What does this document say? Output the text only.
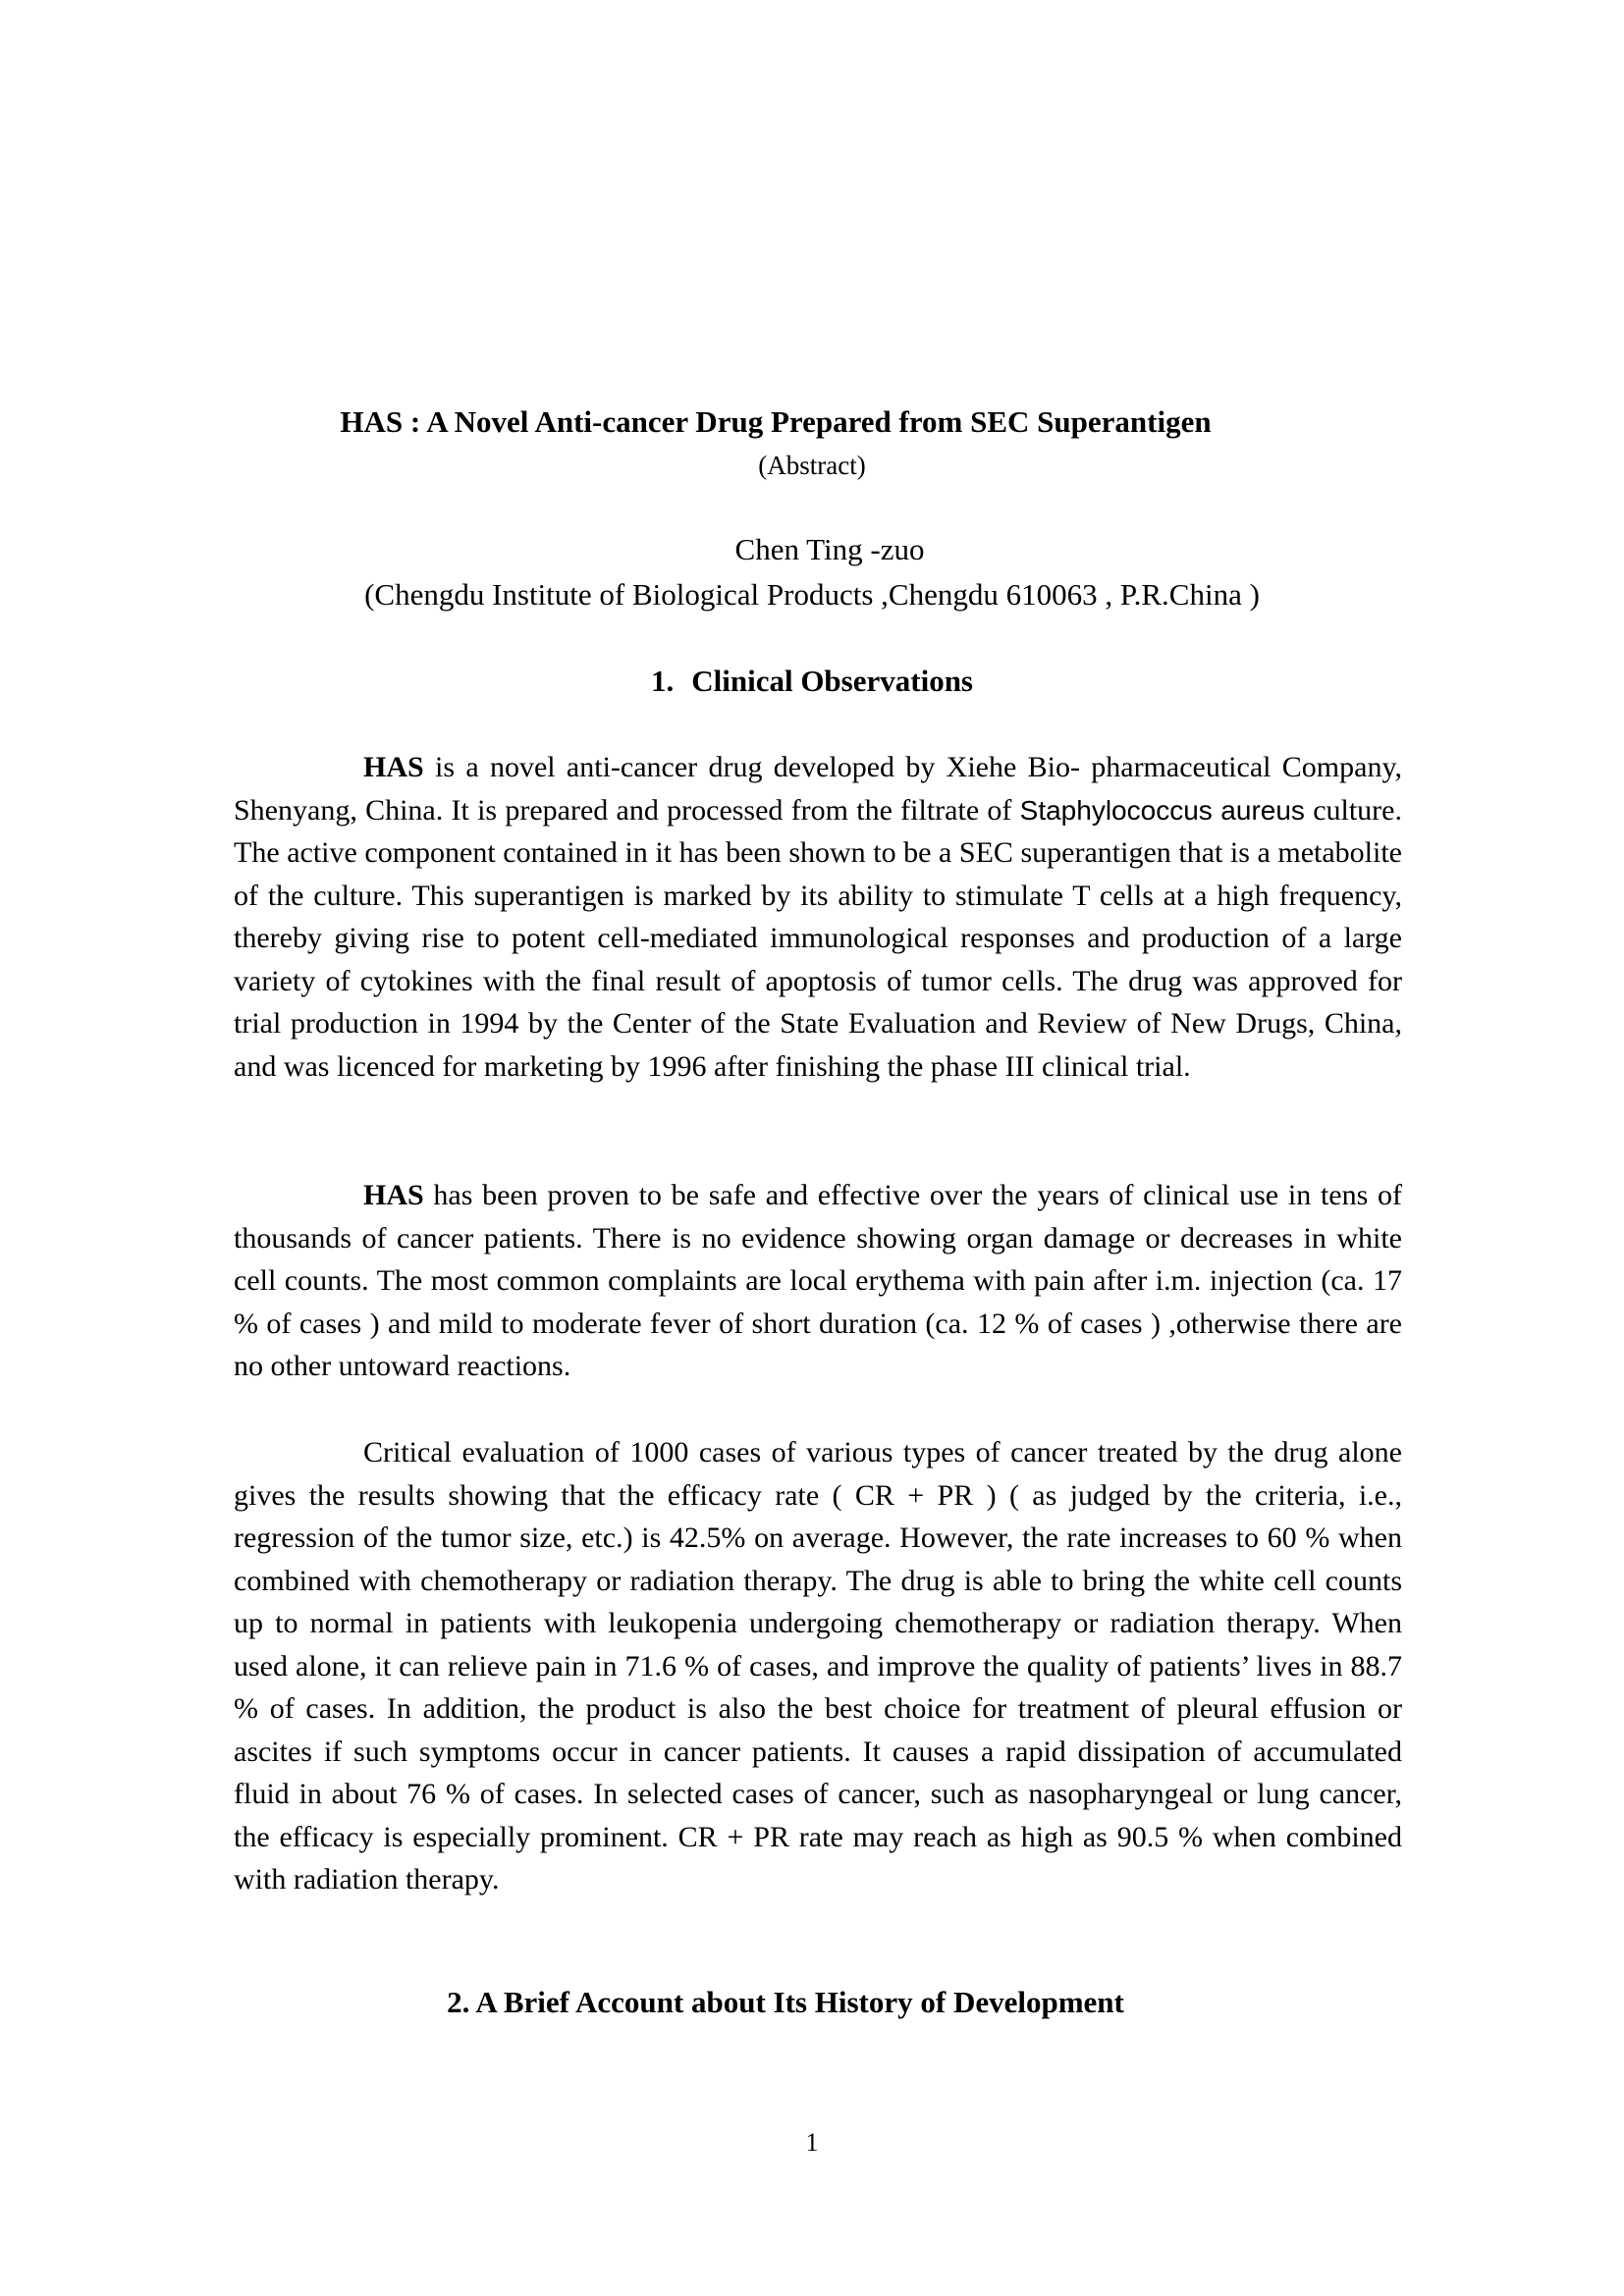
HAS : A Novel Anti-cancer Drug Prepared from SEC Superantigen
(Abstract)
Chen Ting -zuo
(Chengdu Institute of Biological Products ,Chengdu 610063 , P.R.China )
1. Clinical Observations

HAS is a novel anti-cancer drug developed by Xiehe Bio- pharmaceutical Company, Shenyang, China. It is prepared and processed from the filtrate of Staphylococcus aureus culture. The active component contained in it has been shown to be a SEC superantigen that is a metabolite of the culture. This superantigen is marked by its ability to stimulate T cells at a high frequency, thereby giving rise to potent cell-mediated immunological responses and production of a large variety of cytokines with the final result of apoptosis of tumor cells. The drug was approved for trial production in 1994 by the Center of the State Evaluation and Review of New Drugs, China, and was licenced for marketing by 1996 after finishing the phase III clinical trial.

HAS has been proven to be safe and effective over the years of clinical use in tens of thousands of cancer patients. There is no evidence showing organ damage or decreases in white cell counts. The most common complaints are local erythema with pain after i.m. injection (ca. 17 % of cases ) and mild to moderate fever of short duration (ca. 12 % of cases ) ,otherwise there are no other untoward reactions.

Critical evaluation of 1000 cases of various types of cancer treated by the drug alone gives the results showing that the efficacy rate ( CR + PR ) ( as judged by the criteria, i.e., regression of the tumor size, etc.) is 42.5% on average. However, the rate increases to 60 % when combined with chemotherapy or radiation therapy. The drug is able to bring the white cell counts up to normal in patients with leukopenia undergoing chemotherapy or radiation therapy. When used alone, it can relieve pain in 71.6 % of cases, and improve the quality of patients’ lives in 88.7 % of cases. In addition, the product is also the best choice for treatment of pleural effusion or ascites if such symptoms occur in cancer patients. It causes a rapid dissipation of accumulated fluid in about 76 % of cases. In selected cases of cancer, such as nasopharyngeal or lung cancer, the efficacy is especially prominent. CR + PR rate may reach as high as 90.5 % when combined with radiation therapy.

2. A Brief Account about Its History of Development
1
